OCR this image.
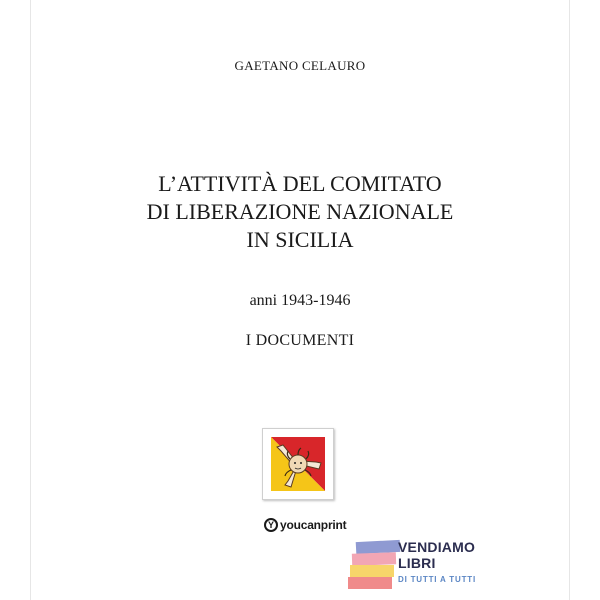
GAETANO CELAURO
L’ATTIVITÀ DEL COMITATO
DI LIBERAZIONE NAZIONALE
IN SICILIA
anni 1943-1946
I DOCUMENTI
Y youcanprint
VENDIAMO
LIBRI
DI TUTTI A TUTTI
